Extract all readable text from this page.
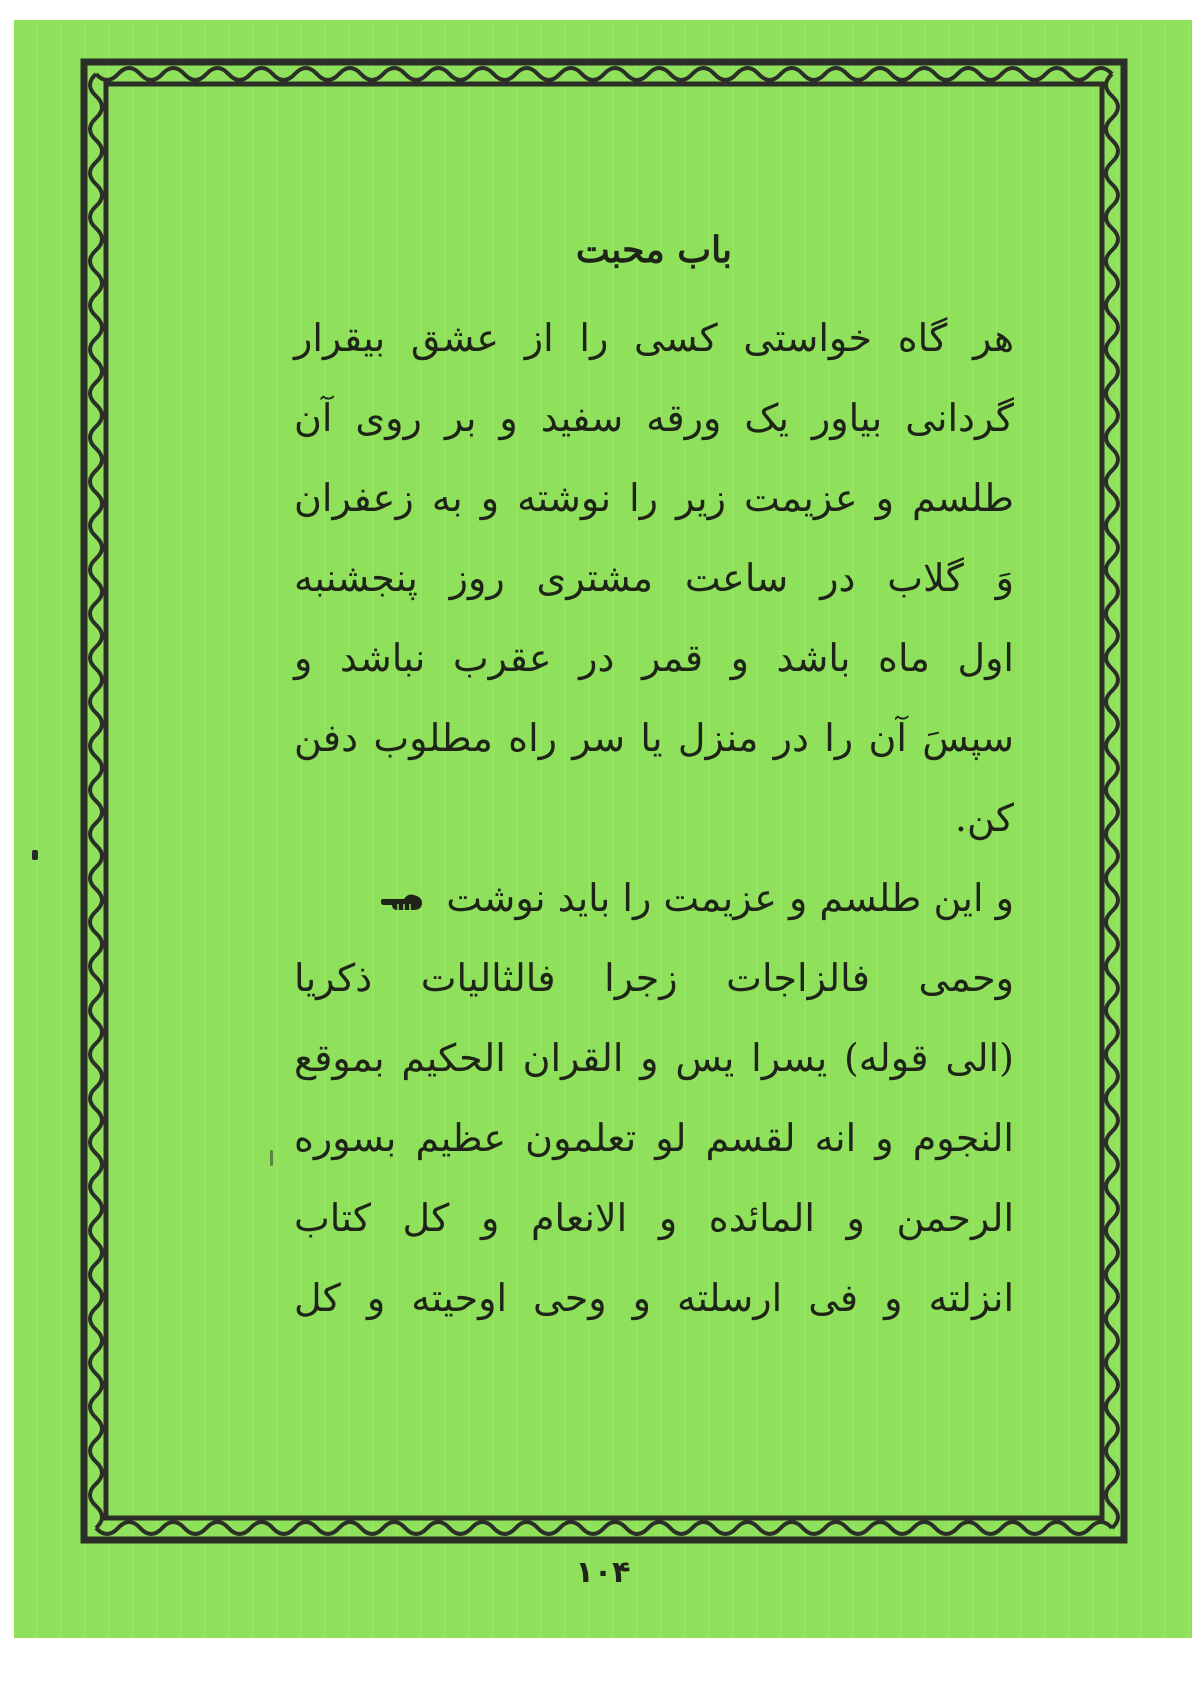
باب محبت
هر گاه خواستی کسی را از عشق بیقرار
گردانی بیاور یک ورقه سفید و بر روی آن
طلسم و عزیمت زیر را نوشته و به زعفران
وَ گلاب در ساعت مشتری روز پنجشنبه
اول ماه باشد و قمر در عقرب نباشد و
سپسَ آن را در منزل یا سر راه مطلوب دفن
کن.
و این طلسم و عزیمت را باید نوشت
وحمی فالزاجات زجرا فالثالیات ذکریا
(الی قوله) یسرا یس و القران الحکیم بموقع
النجوم و انه لقسم لو تعلمون عظیم بسوره
الرحمن و المائده و الانعام و کل کتاب
انزلته و فی ارسلته و وحی اوحیته و کل
۱۰۴
